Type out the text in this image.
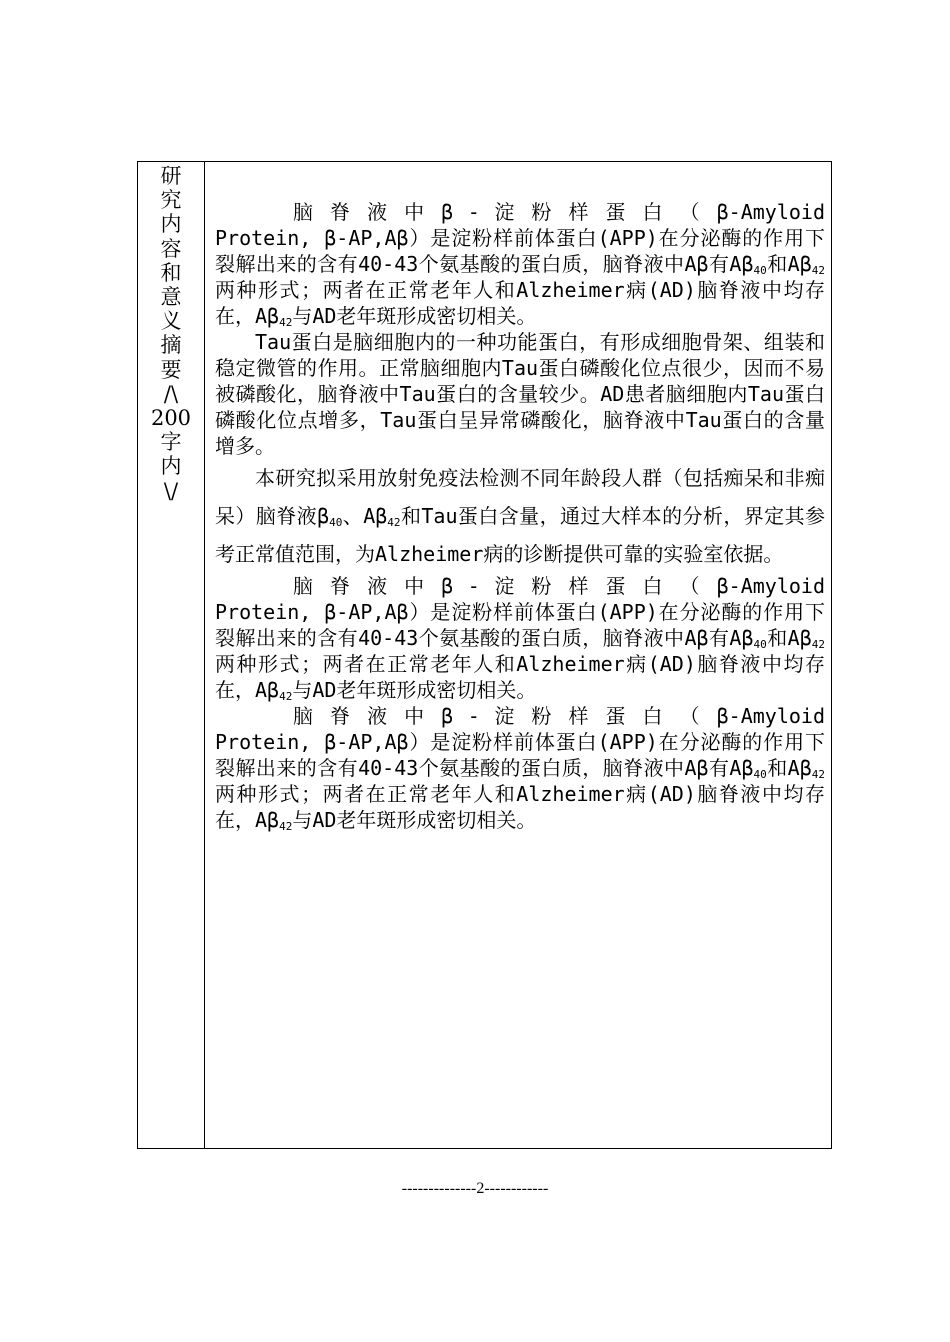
研
究
内
容
和
意
义
摘
要
/\
200
字
内
\/

脑 脊 液 中 β - 淀 粉 样 蛋 白 （ β-Amyloid Protein, β-AP,Aβ）是淀粉样前体蛋白(APP)在分泌酶的作用下裂解出来的含有40-43个氨基酸的蛋白质，脑脊液中Aβ有$A\beta_{40}$和$A\beta_{42}$两种形式；两者在正常老年人和Alzheimer病(AD)脑脊液中均存在，$A\beta_{42}$与AD老年斑形成密切相关。

Tau蛋白是脑细胞内的一种功能蛋白，有形成细胞骨架、组装和稳定微管的作用。正常脑细胞内Tau蛋白磷酸化位点很少，因而不易被磷酸化，脑脊液中Tau蛋白的含量较少。AD患者脑细胞内Tau蛋白磷酸化位点增多，Tau蛋白呈异常磷酸化，脑脊液中Tau蛋白的含量增多。

本研究拟采用放射免疫法检测不同年龄段人群（包括痴呆和非痴呆）脑脊液$\beta_{40}$、$A\beta_{42}$和Tau蛋白含量，通过大样本的分析，界定其参考正常值范围，为Alzheimer病的诊断提供可靠的实验室依据。

脑 脊 液 中 β - 淀 粉 样 蛋 白 （ β-Amyloid Protein, β-AP,Aβ）是淀粉样前体蛋白(APP)在分泌酶的作用下裂解出来的含有40-43个氨基酸的蛋白质，脑脊液中Aβ有$A\beta_{40}$和$A\beta_{42}$两种形式；两者在正常老年人和Alzheimer病(AD)脑脊液中均存在，$A\beta_{42}$与AD老年斑形成密切相关。

脑 脊 液 中 β - 淀 粉 样 蛋 白 （ β-Amyloid Protein, β-AP,Aβ）是淀粉样前体蛋白(APP)在分泌酶的作用下裂解出来的含有40-43个氨基酸的蛋白质，脑脊液中Aβ有$A\beta_{40}$和$A\beta_{42}$两种形式；两者在正常老年人和Alzheimer病(AD)脑脊液中均存在，$A\beta_{42}$与AD老年斑形成密切相关。

--------------2------------
